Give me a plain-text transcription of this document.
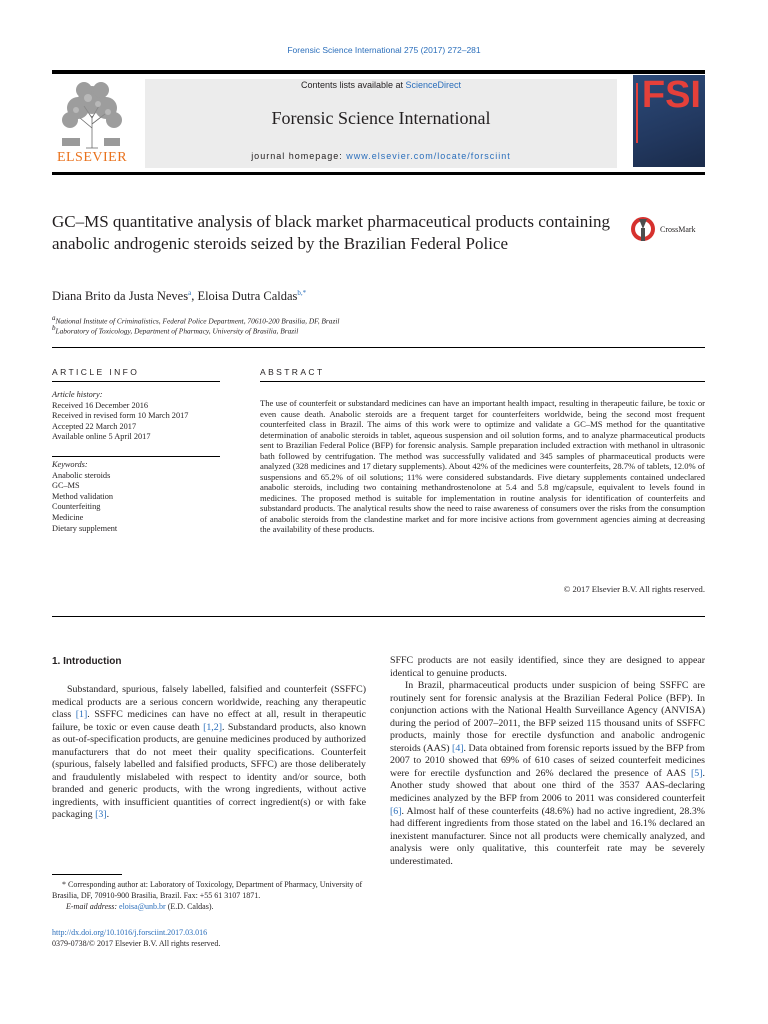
Forensic Science International 275 (2017) 272–281
ELSEVIER
Contents lists available at ScienceDirect
Forensic Science International
journal homepage: www.elsevier.com/locate/forsciint
FSI
GC–MS quantitative analysis of black market pharmaceutical products containing anabolic androgenic steroids seized by the Brazilian Federal Police
CrossMark
Diana Brito da Justa Neves$^a$, Eloisa Dutra Caldas$^{b,*}$
$^a$National Institute of Criminalistics, Federal Police Department, 70610-200 Brasilia, DF, Brazil
$^b$Laboratory of Toxicology, Department of Pharmacy, University of Brasilia, Brazil
ARTICLE INFO
Article history:
Received 16 December 2016
Received in revised form 10 March 2017
Accepted 22 March 2017
Available online 5 April 2017
Keywords:
Anabolic steroids
GC–MS
Method validation
Counterfeiting
Medicine
Dietary supplement
ABSTRACT
The use of counterfeit or substandard medicines can have an important health impact, resulting in therapeutic failure, be toxic or even cause death. Anabolic steroids are a frequent target for counterfeiters worldwide, being the second most frequent counterfeited class in Brazil. The aims of this work were to optimize and validate a GC–MS method for the quantitative determination of anabolic steroids in tablet, aqueous suspension and oil solution forms, and to analyze pharmaceutical products sent to Brazilian Federal Police (BFP) for forensic analysis. Sample preparation included extraction with methanol in ultrasonic bath followed by centrifugation. The method was successfully validated and 345 samples of pharmaceutical products were analyzed (328 medicines and 17 dietary supplements). About 42% of the medicines were counterfeits, 28.7% of tablets, 12.0% of suspensions and 65.2% of oil solutions; 11% were considered substandards. Five dietary supplements contained undeclared anabolic steroids, including two containing methandrostenolone at 5.4 and 5.8 mg/capsule, equivalent to levels found in medicines. The proposed method is suitable for implementation in routine analysis for identification of counterfeits and substandard products. The analytical results show the need to raise awareness of consumers over the risks from the consumption of anabolic steroids from the clandestine market and for more incisive actions from government agencies aiming at decreasing the availability of these products.
© 2017 Elsevier B.V. All rights reserved.
1. Introduction

Substandard, spurious, falsely labelled, falsified and counterfeit (SSFFC) medical products are a serious concern worldwide, reaching any therapeutic class [1]. SSFFC medicines can have no effect at all, result in therapeutic failure, be toxic or even cause death [1,2]. Substandard products, also known as out-of-specification products, are genuine medicines produced by authorized manufacturers that do not meet their quality specifications. Counterfeit (spurious, falsely labelled and falsified products, SFFC) are those deliberately and fraudulently mislabeled with respect to identity and/or source, both branded and generic products, with the wrong ingredients, without active ingredients, with insufficient quantities of correct ingredient(s) or with fake packaging [3].

SFFC products are not easily identified, since they are designed to appear identical to genuine products.

In Brazil, pharmaceutical products under suspicion of being SSFFC are routinely sent for forensic analysis at the Brazilian Federal Police (BFP). In conjunction actions with the National Health Surveillance Agency (ANVISA) during the period of 2007–2011, the BFP seized 115 thousand units of SSFFC products, mainly those for erectile dysfunction and anabolic androgenic steroids (AAS) [4]. Data obtained from forensic reports issued by the BFP from 2007 to 2010 showed that 69% of 610 cases of seized counterfeit medicines were for erectile dysfunction and 26% declared the presence of AAS [5]. Another study showed that about one third of the 3537 AAS-declaring medicines analyzed by the BFP from 2006 to 2011 was considered counterfeit [6]. Almost half of these counterfeits (48.6%) had no active ingredient, 28.3% had different ingredients from those stated on the label and 16.1% declared an inexistent manufacturer. Since not all products were chemically analyzed, and analysis were only qualitative, this counterfeit rate may be severely underestimated.

* Corresponding author at: Laboratory of Toxicology, Department of Pharmacy, University of Brasilia, DF, 70910-900 Brasilia, Brazil. Fax: +55 61 3107 1871.
E-mail address: eloisa@unb.br (E.D. Caldas).
http://dx.doi.org/10.1016/j.forsciint.2017.03.016
0379-0738/© 2017 Elsevier B.V. All rights reserved.
